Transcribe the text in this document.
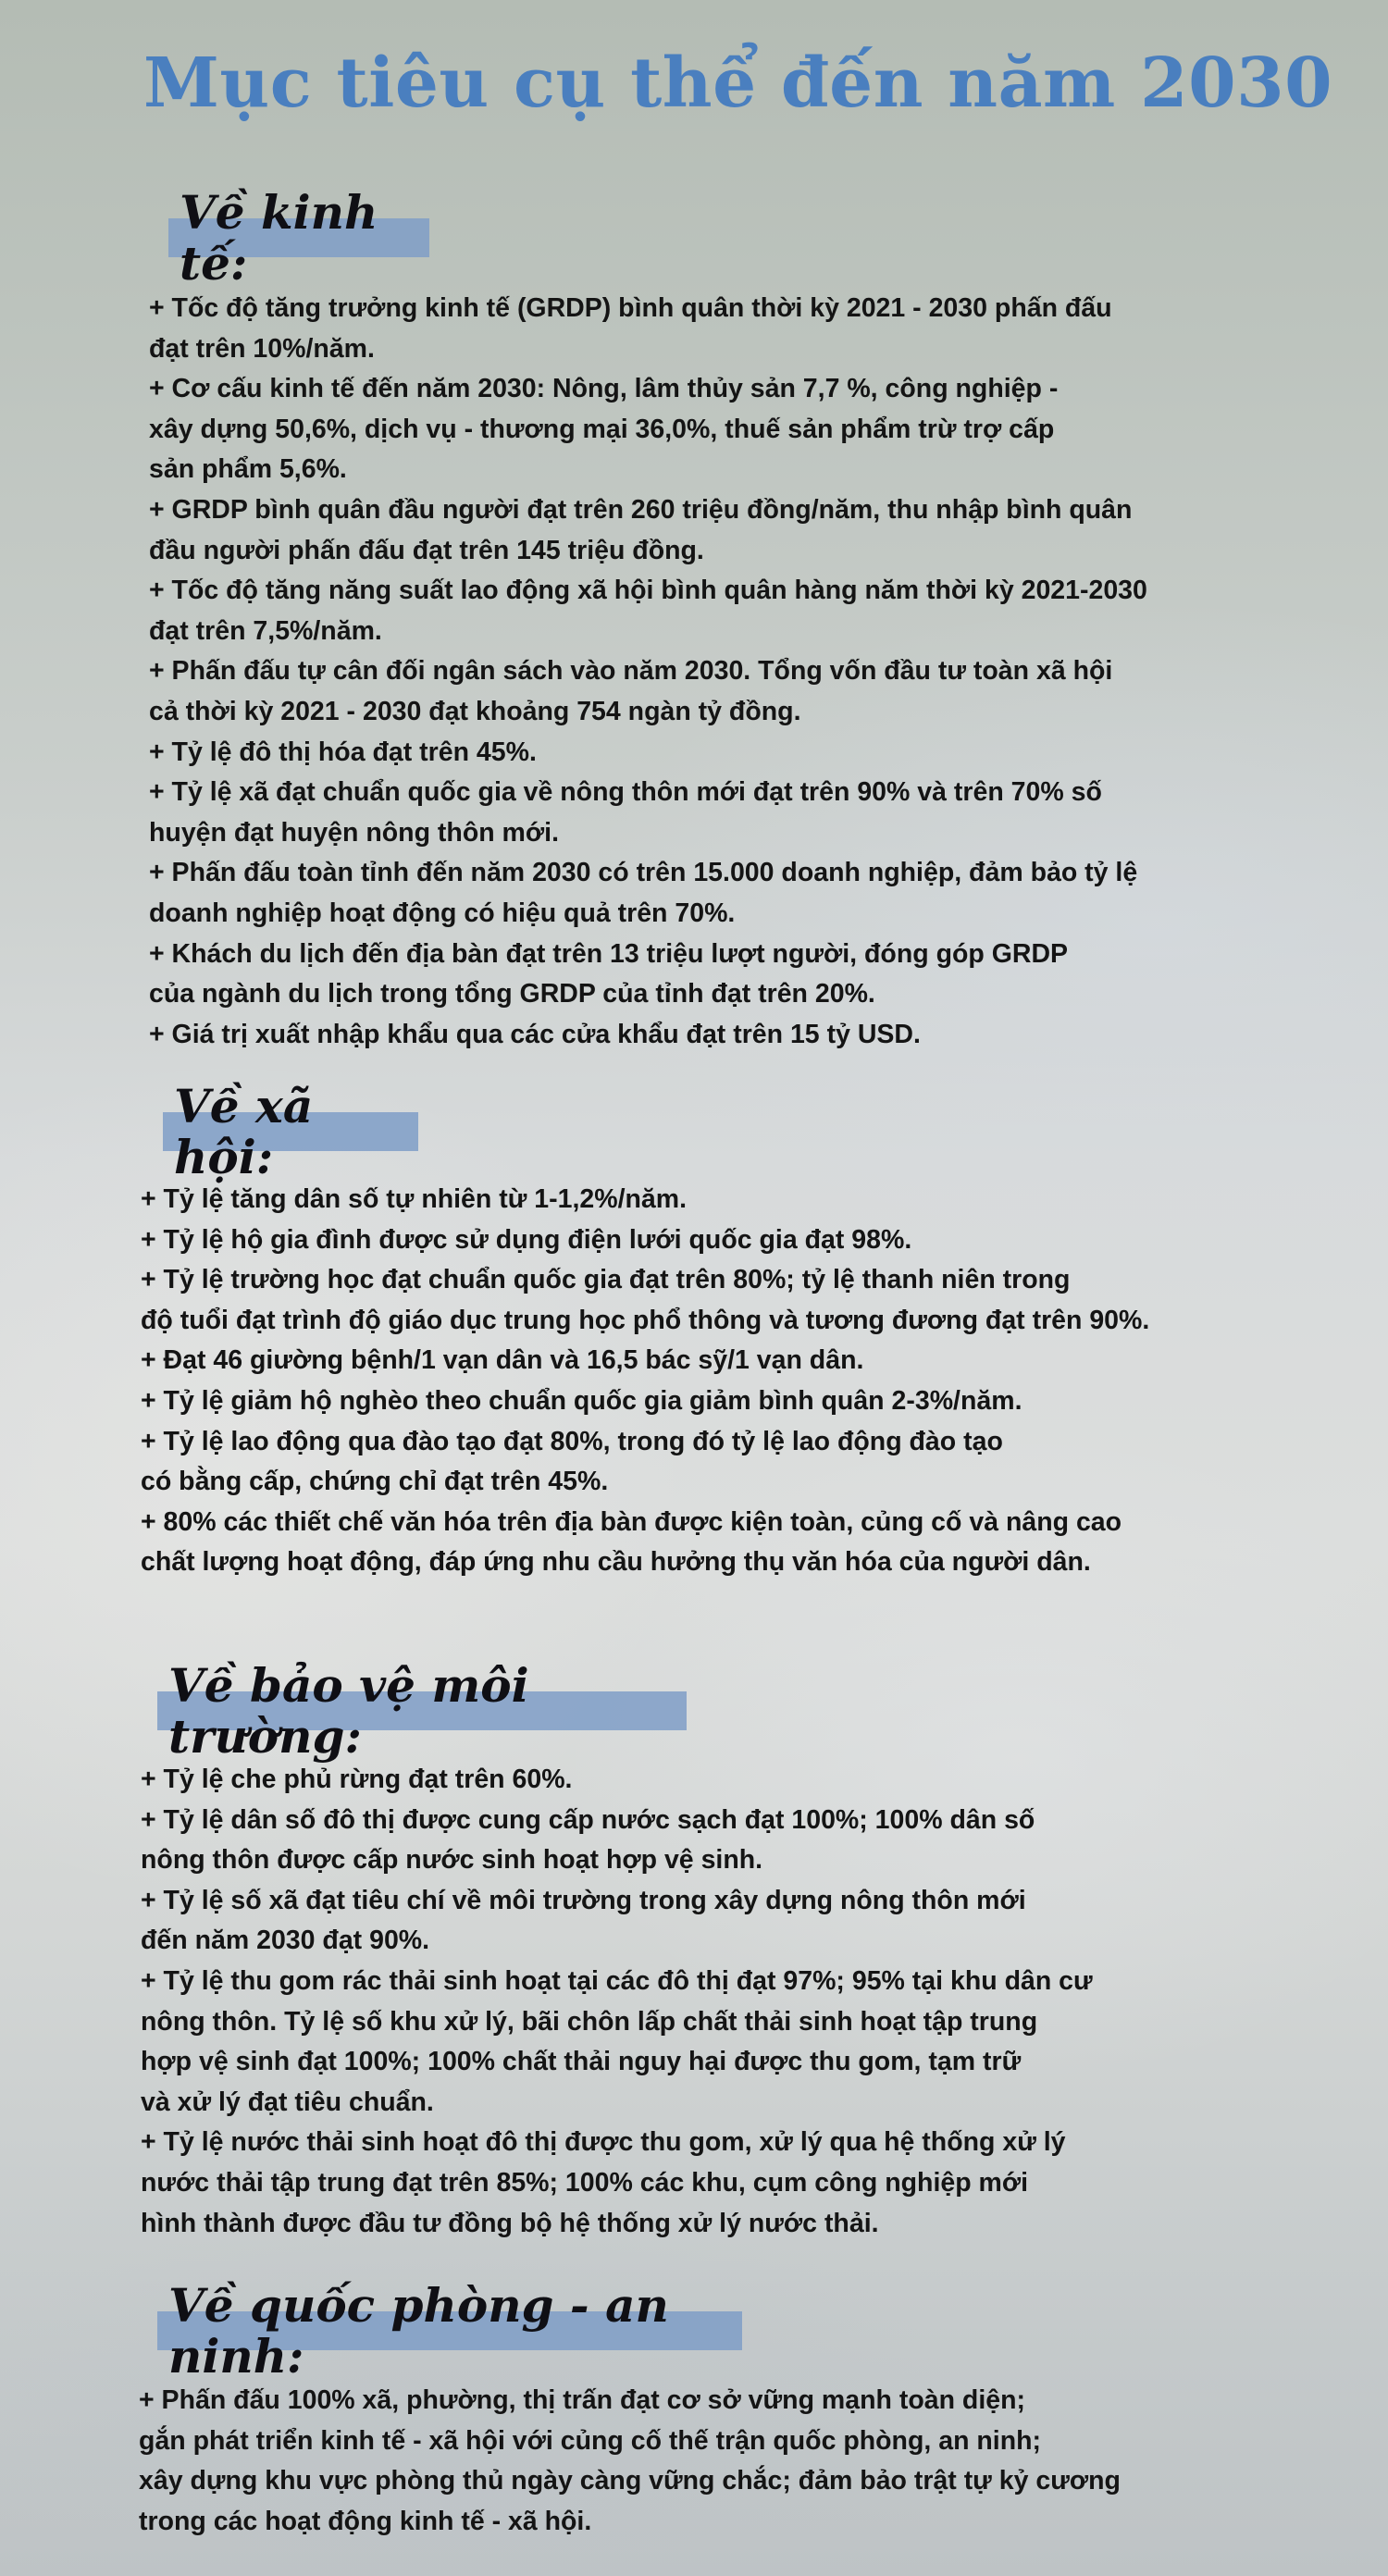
Mục tiêu cụ thể đến năm 2030
Về kinh tế:
+ Tốc độ tăng trưởng kinh tế (GRDP) bình quân thời kỳ 2021 - 2030 phấn đấu
đạt trên 10%/năm.
+ Cơ cấu kinh tế đến năm 2030: Nông, lâm thủy sản 7,7 %, công nghiệp -
xây dựng 50,6%, dịch vụ - thương mại 36,0%, thuế sản phẩm trừ trợ cấp
sản phẩm 5,6%.
+ GRDP bình quân đầu người đạt trên 260 triệu đồng/năm, thu nhập bình quân
đầu người phấn đấu đạt trên 145 triệu đồng.
+ Tốc độ tăng năng suất lao động xã hội bình quân hàng năm thời kỳ 2021-2030
đạt trên 7,5%/năm.
+ Phấn đấu tự cân đối ngân sách vào năm 2030. Tổng vốn đầu tư toàn xã hội
cả thời kỳ 2021 - 2030 đạt khoảng 754 ngàn tỷ đồng.
+ Tỷ lệ đô thị hóa đạt trên 45%.
+ Tỷ lệ xã đạt chuẩn quốc gia về nông thôn mới đạt trên 90% và trên 70% số
huyện đạt huyện nông thôn mới.
+ Phấn đấu toàn tỉnh đến năm 2030 có trên 15.000 doanh nghiệp, đảm bảo tỷ lệ
doanh nghiệp hoạt động có hiệu quả trên 70%.
+ Khách du lịch đến địa bàn đạt trên 13 triệu lượt người, đóng góp GRDP
của ngành du lịch trong tổng GRDP của tỉnh đạt trên 20%.
+ Giá trị xuất nhập khẩu qua các cửa khẩu đạt trên 15 tỷ USD.
Về xã hội:
+ Tỷ lệ tăng dân số tự nhiên từ 1-1,2%/năm.
+ Tỷ lệ hộ gia đình được sử dụng điện lưới quốc gia đạt 98%.
+ Tỷ lệ trường học đạt chuẩn quốc gia đạt trên 80%; tỷ lệ thanh niên trong
độ tuổi đạt trình độ giáo dục trung học phổ thông và tương đương đạt trên 90%.
+ Đạt 46 giường bệnh/1 vạn dân và 16,5 bác sỹ/1 vạn dân.
+ Tỷ lệ giảm hộ nghèo theo chuẩn quốc gia giảm bình quân 2-3%/năm.
+ Tỷ lệ lao động qua đào tạo đạt 80%, trong đó tỷ lệ lao động đào tạo
có bằng cấp, chứng chỉ đạt trên 45%.
+ 80% các thiết chế văn hóa trên địa bàn được kiện toàn, củng cố và nâng cao
chất lượng hoạt động, đáp ứng nhu cầu hưởng thụ văn hóa của người dân.
Về bảo vệ môi trường:
+ Tỷ lệ che phủ rừng đạt trên 60%.
+ Tỷ lệ dân số đô thị được cung cấp nước sạch đạt 100%; 100% dân số
nông thôn được cấp nước sinh hoạt hợp vệ sinh.
+ Tỷ lệ số xã đạt tiêu chí về môi trường trong xây dựng nông thôn mới
đến năm 2030 đạt 90%.
+ Tỷ lệ thu gom rác thải sinh hoạt tại các đô thị đạt 97%; 95% tại khu dân cư
nông thôn. Tỷ lệ số khu xử lý, bãi chôn lấp chất thải sinh hoạt tập trung
hợp vệ sinh đạt 100%; 100% chất thải nguy hại được thu gom, tạm trữ
và xử lý đạt tiêu chuẩn.
+ Tỷ lệ nước thải sinh hoạt đô thị được thu gom, xử lý qua hệ thống xử lý
nước thải tập trung đạt trên 85%; 100% các khu, cụm công nghiệp mới
hình thành được đầu tư đồng bộ hệ thống xử lý nước thải.
Về quốc phòng - an ninh:
+ Phấn đấu 100% xã, phường, thị trấn đạt cơ sở vững mạnh toàn diện;
gắn phát triển kinh tế - xã hội với củng cố thế trận quốc phòng, an ninh;
xây dựng khu vực phòng thủ ngày càng vững chắc; đảm bảo trật tự kỷ cương
trong các hoạt động kinh tế - xã hội.
